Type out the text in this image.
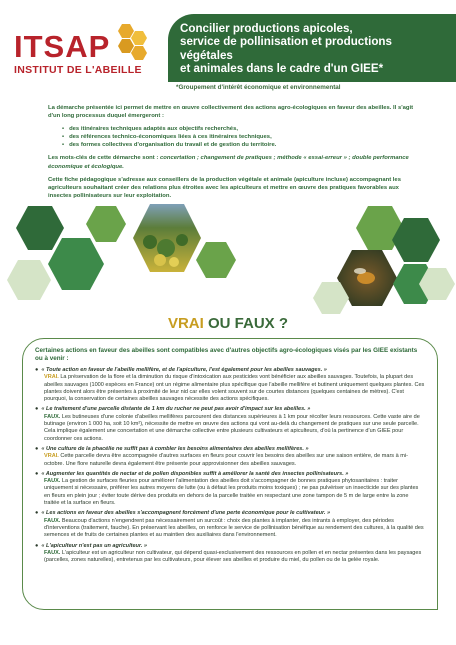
ITSAP
INSTITUT DE L'ABEILLE
Concilier productions apicoles,
service de pollinisation et productions végétales
et animales dans le cadre d'un GIEE*
*Groupement d'intérêt économique et environnemental

La démarche présentée ici permet de mettre en œuvre collectivement des actions agro-écologiques en faveur des abeilles. Il s'agit d'un long processus duquel émergeront :

• des itinéraires techniques adaptés aux objectifs recherchés,
• des références technico-économiques liées à ces itinéraires techniques,
• des formes collectives d'organisation du travail et de gestion du territoire.

Les mots-clés de cette démarche sont : concertation ; changement de pratiques ; méthode « essai-erreur » ; double performance économique et écologique.

Cette fiche pédagogique s'adresse aux conseillers de la production végétale et animale (apiculture incluse) accompagnant les agriculteurs souhaitant créer des relations plus étroites avec les apiculteurs et mettre en œuvre des pratiques favorables aux insectes pollinisateurs sur leur exploitation.

VRAI OU FAUX ?

Certaines actions en faveur des abeilles sont compatibles avec d'autres objectifs agro-écologiques visés par les GIEE existants ou à venir :

● « Toute action en faveur de l'abeille mellifère, et de l'apiculture, l'est également pour les abeilles sauvages. »
VRAI. La préservation de la flore et la diminution du risque d'intoxication aux pesticides vont bénéficier aux abeilles sauvages. Toutefois, la plupart des abeilles sauvages (1000 espèces en France) ont un régime alimentaire plus spécifique que l'abeille mellifère et butinent uniquement quelques plantes. Ces plantes doivent alors être présentes à proximité de leur nid car elles volent souvent sur de courtes distances (quelques centaines de mètres). C'est pourquoi, la conservation de certaines abeilles sauvages nécessite des actions spécifiques.
● « Le traitement d'une parcelle distante de 1 km du rucher ne peut pas avoir d'impact sur les abeilles. »
FAUX. Les butineuses d'une colonie d'abeilles mellifères parcourent des distances supérieures à 1 km pour récolter leurs ressources. Cette vaste aire de butinage (environ 1 000 ha, soit 10 km²), nécessite de mettre en œuvre des actions qui vont au-delà du changement de pratiques sur une seule parcelle. Cela implique également une concertation et une démarche collective entre plusieurs cultivateurs et apiculteurs, d'où la pertinence d'un GIEE pour coordonner ces actions.
● « Une culture de la phacélie ne suffit pas à combler les besoins alimentaires des abeilles mellifères. »
VRAI. Cette parcelle devra être accompagnée d'autres surfaces en fleurs pour couvrir les besoins des abeilles sur une saison entière, de mars à mi-octobre. Une flore naturelle devra également être présente pour approvisionner des abeilles sauvages.
● « Augmenter les quantités de nectar et de pollen disponibles suffit à améliorer la santé des insectes pollinisateurs. »
FAUX. La gestion de surfaces fleuries pour améliorer l'alimentation des abeilles doit s'accompagner de bonnes pratiques phytosanitaires : traiter uniquement si nécessaire, préférer les autres moyens de lutte (ou à défaut les produits moins toxiques) ; ne pas pulvériser un insecticide sur des plantes en fleurs en plein jour ; éviter toute dérive des produits en dehors de la parcelle traitée en respectant une zone tampon de 5 m de large entre la zone traitée et la surface en fleurs.
● « Les actions en faveur des abeilles s'accompagnent forcément d'une perte économique pour le cultivateur. »
FAUX. Beaucoup d'actions n'engendrent pas nécessairement un surcoût : choix des plantes à implanter, des intrants à employer, des périodes d'interventions (traitement, fauche). En préservant les abeilles, on renforce le service de pollinisation bénéfique au rendement des cultures, à la qualité des semences et de fruits de certaines plantes et au maintien des auxiliaires dans l'environnement.
● « L'apiculteur n'est pas un agriculteur. »
FAUX. L'apiculteur est un agriculteur non cultivateur, qui dépend quasi-exclusivement des ressources en pollen et en nectar présentes dans les paysages (parcelles, zones naturelles), entretenus par les cultivateurs, pour élever ses abeilles et produire du miel, du pollen ou de la gelée royale.
